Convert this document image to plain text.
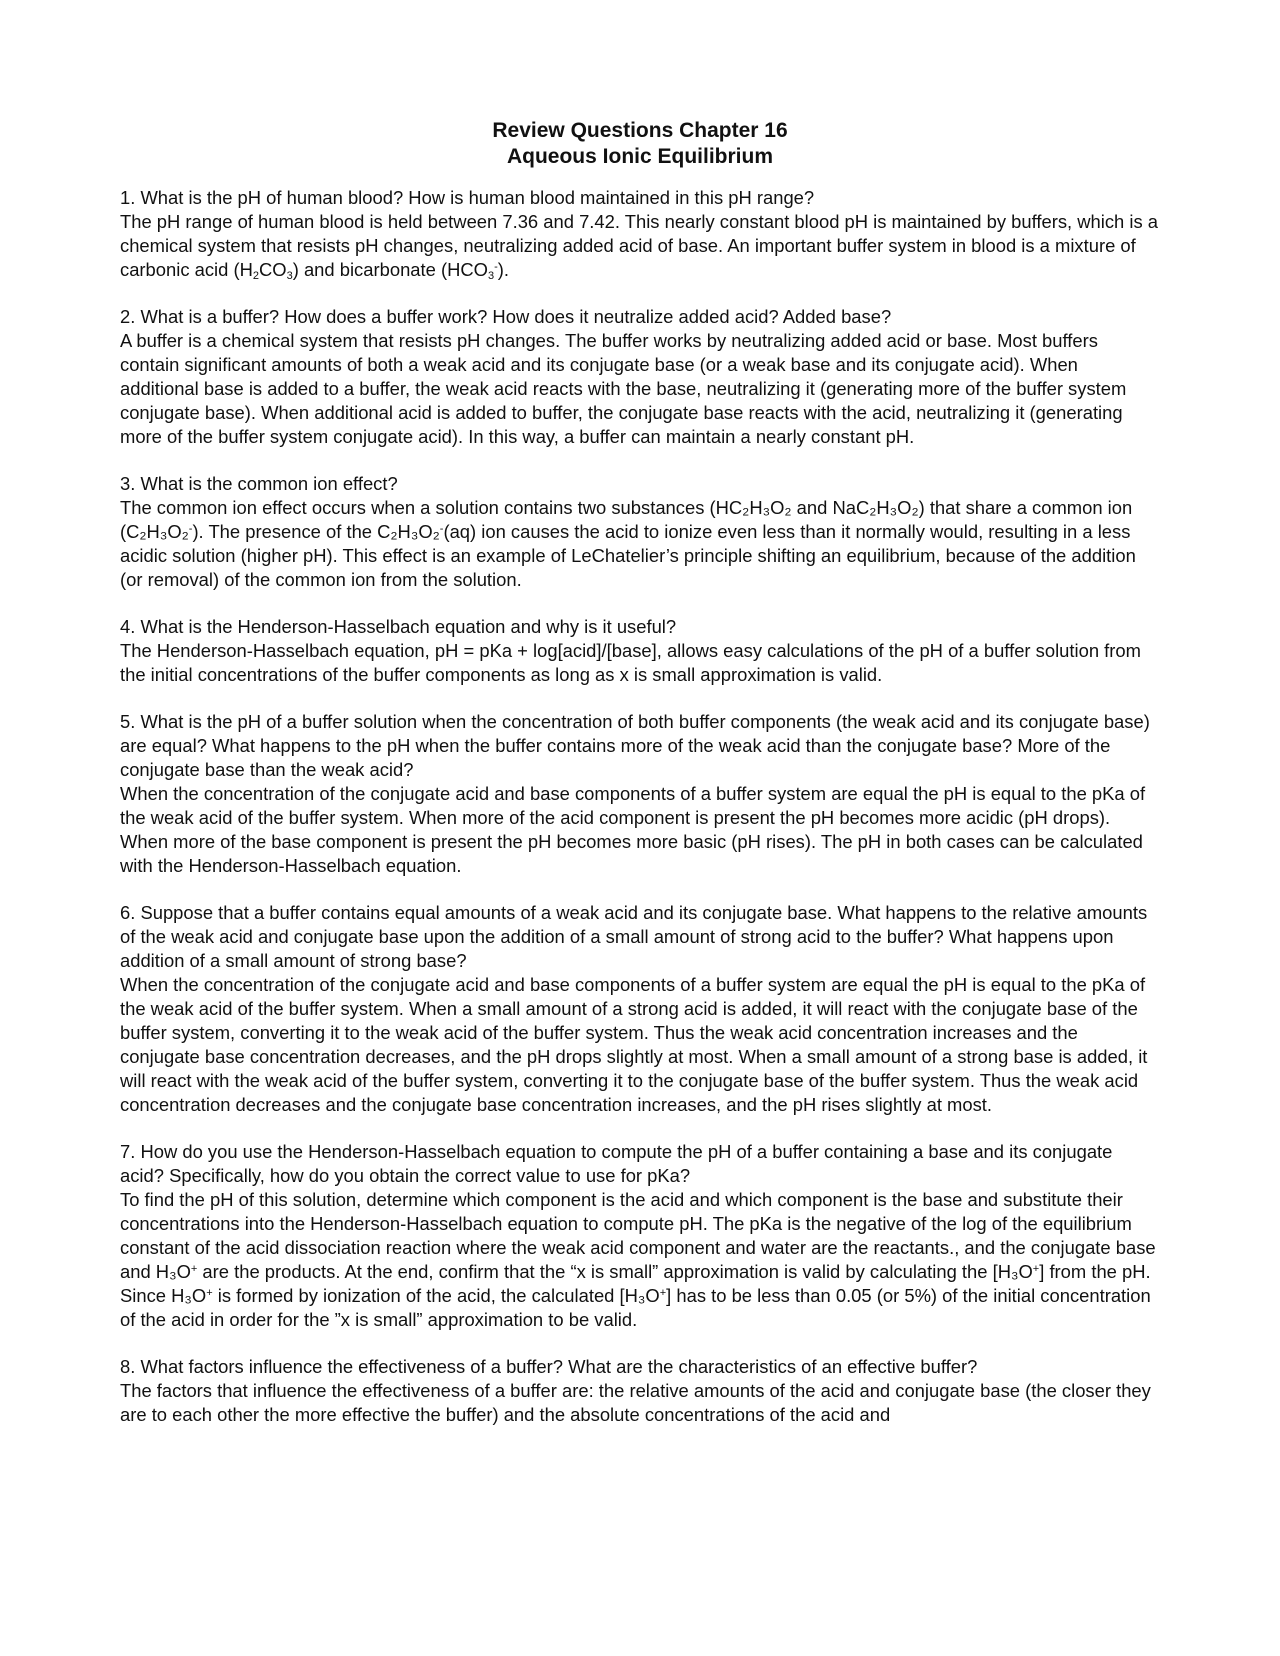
Review Questions Chapter 16

Aqueous Ionic Equilibrium

1. What is the pH of human blood? How is human blood maintained in this pH range?

The pH range of human blood is held between 7.36 and 7.42. This nearly constant blood pH is maintained by buffers, which is a chemical system that resists pH changes, neutralizing added acid of base. An important buffer system in blood is a mixture of carbonic acid $(H_2CO_3)$ and bicarbonate $(HCO_3^-)$.

2. What is a buffer? How does a buffer work? How does it neutralize added acid? Added base?

A buffer is a chemical system that resists pH changes. The buffer works by neutralizing added acid or base. Most buffers contain significant amounts of both a weak acid and its conjugate base (or a weak base and its conjugate acid). When additional base is added to a buffer, the weak acid reacts with the base, neutralizing it (generating more of the buffer system conjugate base). When additional acid is added to buffer, the conjugate base reacts with the acid, neutralizing it (generating more of the buffer system conjugate acid). In this way, a buffer can maintain a nearly constant pH.

3. What is the common ion effect?

The common ion effect occurs when a solution contains two substances (HC₂H₃O₂ and NaC₂H₃O₂) that share a common ion (C₂H₃O₂-). The presence of the C₂H₃O₂-(aq) ion causes the acid to ionize even less than it normally would, resulting in a less acidic solution (higher pH). This effect is an example of LeChatelier’s principle shifting an equilibrium, because of the addition (or removal) of the common ion from the solution.

4. What is the Henderson-Hasselbach equation and why is it useful?

The Henderson-Hasselbach equation, pH = pKa + log[acid]/[base], allows easy calculations of the pH of a buffer solution from the initial concentrations of the buffer components as long as x is small approximation is valid.

5. What is the pH of a buffer solution when the concentration of both buffer components (the weak acid and its conjugate base) are equal? What happens to the pH when the buffer contains more of the weak acid than the conjugate base? More of the conjugate base than the weak acid?

When the concentration of the conjugate acid and base components of a buffer system are equal the pH is equal to the pKa of the weak acid of the buffer system. When more of the acid component is present the pH becomes more acidic (pH drops). When more of the base component is present the pH becomes more basic (pH rises). The pH in both cases can be calculated with the Henderson-Hasselbach equation.

6. Suppose that a buffer contains equal amounts of a weak acid and its conjugate base. What happens to the relative amounts of the weak acid and conjugate base upon the addition of a small amount of strong acid to the buffer? What happens upon addition of a small amount of strong base?

When the concentration of the conjugate acid and base components of a buffer system are equal the pH is equal to the pKa of the weak acid of the buffer system. When a small amount of a strong acid is added, it will react with the conjugate base of the buffer system, converting it to the weak acid of the buffer system. Thus the weak acid concentration increases and the conjugate base concentration decreases, and the pH drops slightly at most. When a small amount of a strong base is added, it will react with the weak acid of the buffer system, converting it to the conjugate base of the buffer system. Thus the weak acid concentration decreases and the conjugate base concentration increases, and the pH rises slightly at most.

7. How do you use the Henderson-Hasselbach equation to compute the pH of a buffer containing a base and its conjugate acid? Specifically, how do you obtain the correct value to use for pKa?

To find the pH of this solution, determine which component is the acid and which component is the base and substitute their concentrations into the Henderson-Hasselbach equation to compute pH. The pKa is the negative of the log of the equilibrium constant of the acid dissociation reaction where the weak acid component and water are the reactants., and the conjugate base and H₃O+ are the products. At the end, confirm that the “x is small” approximation is valid by calculating the [H₃O+] from the pH. Since H₃O+ is formed by ionization of the acid, the calculated [H₃O+] has to be less than 0.05 (or 5%) of the initial concentration of the acid in order for the ”x is small” approximation to be valid.

8. What factors influence the effectiveness of a buffer? What are the characteristics of an effective buffer?

The factors that influence the effectiveness of a buffer are: the relative amounts of the acid and conjugate base (the closer they are to each other the more effective the buffer) and the absolute concentrations of the acid and
